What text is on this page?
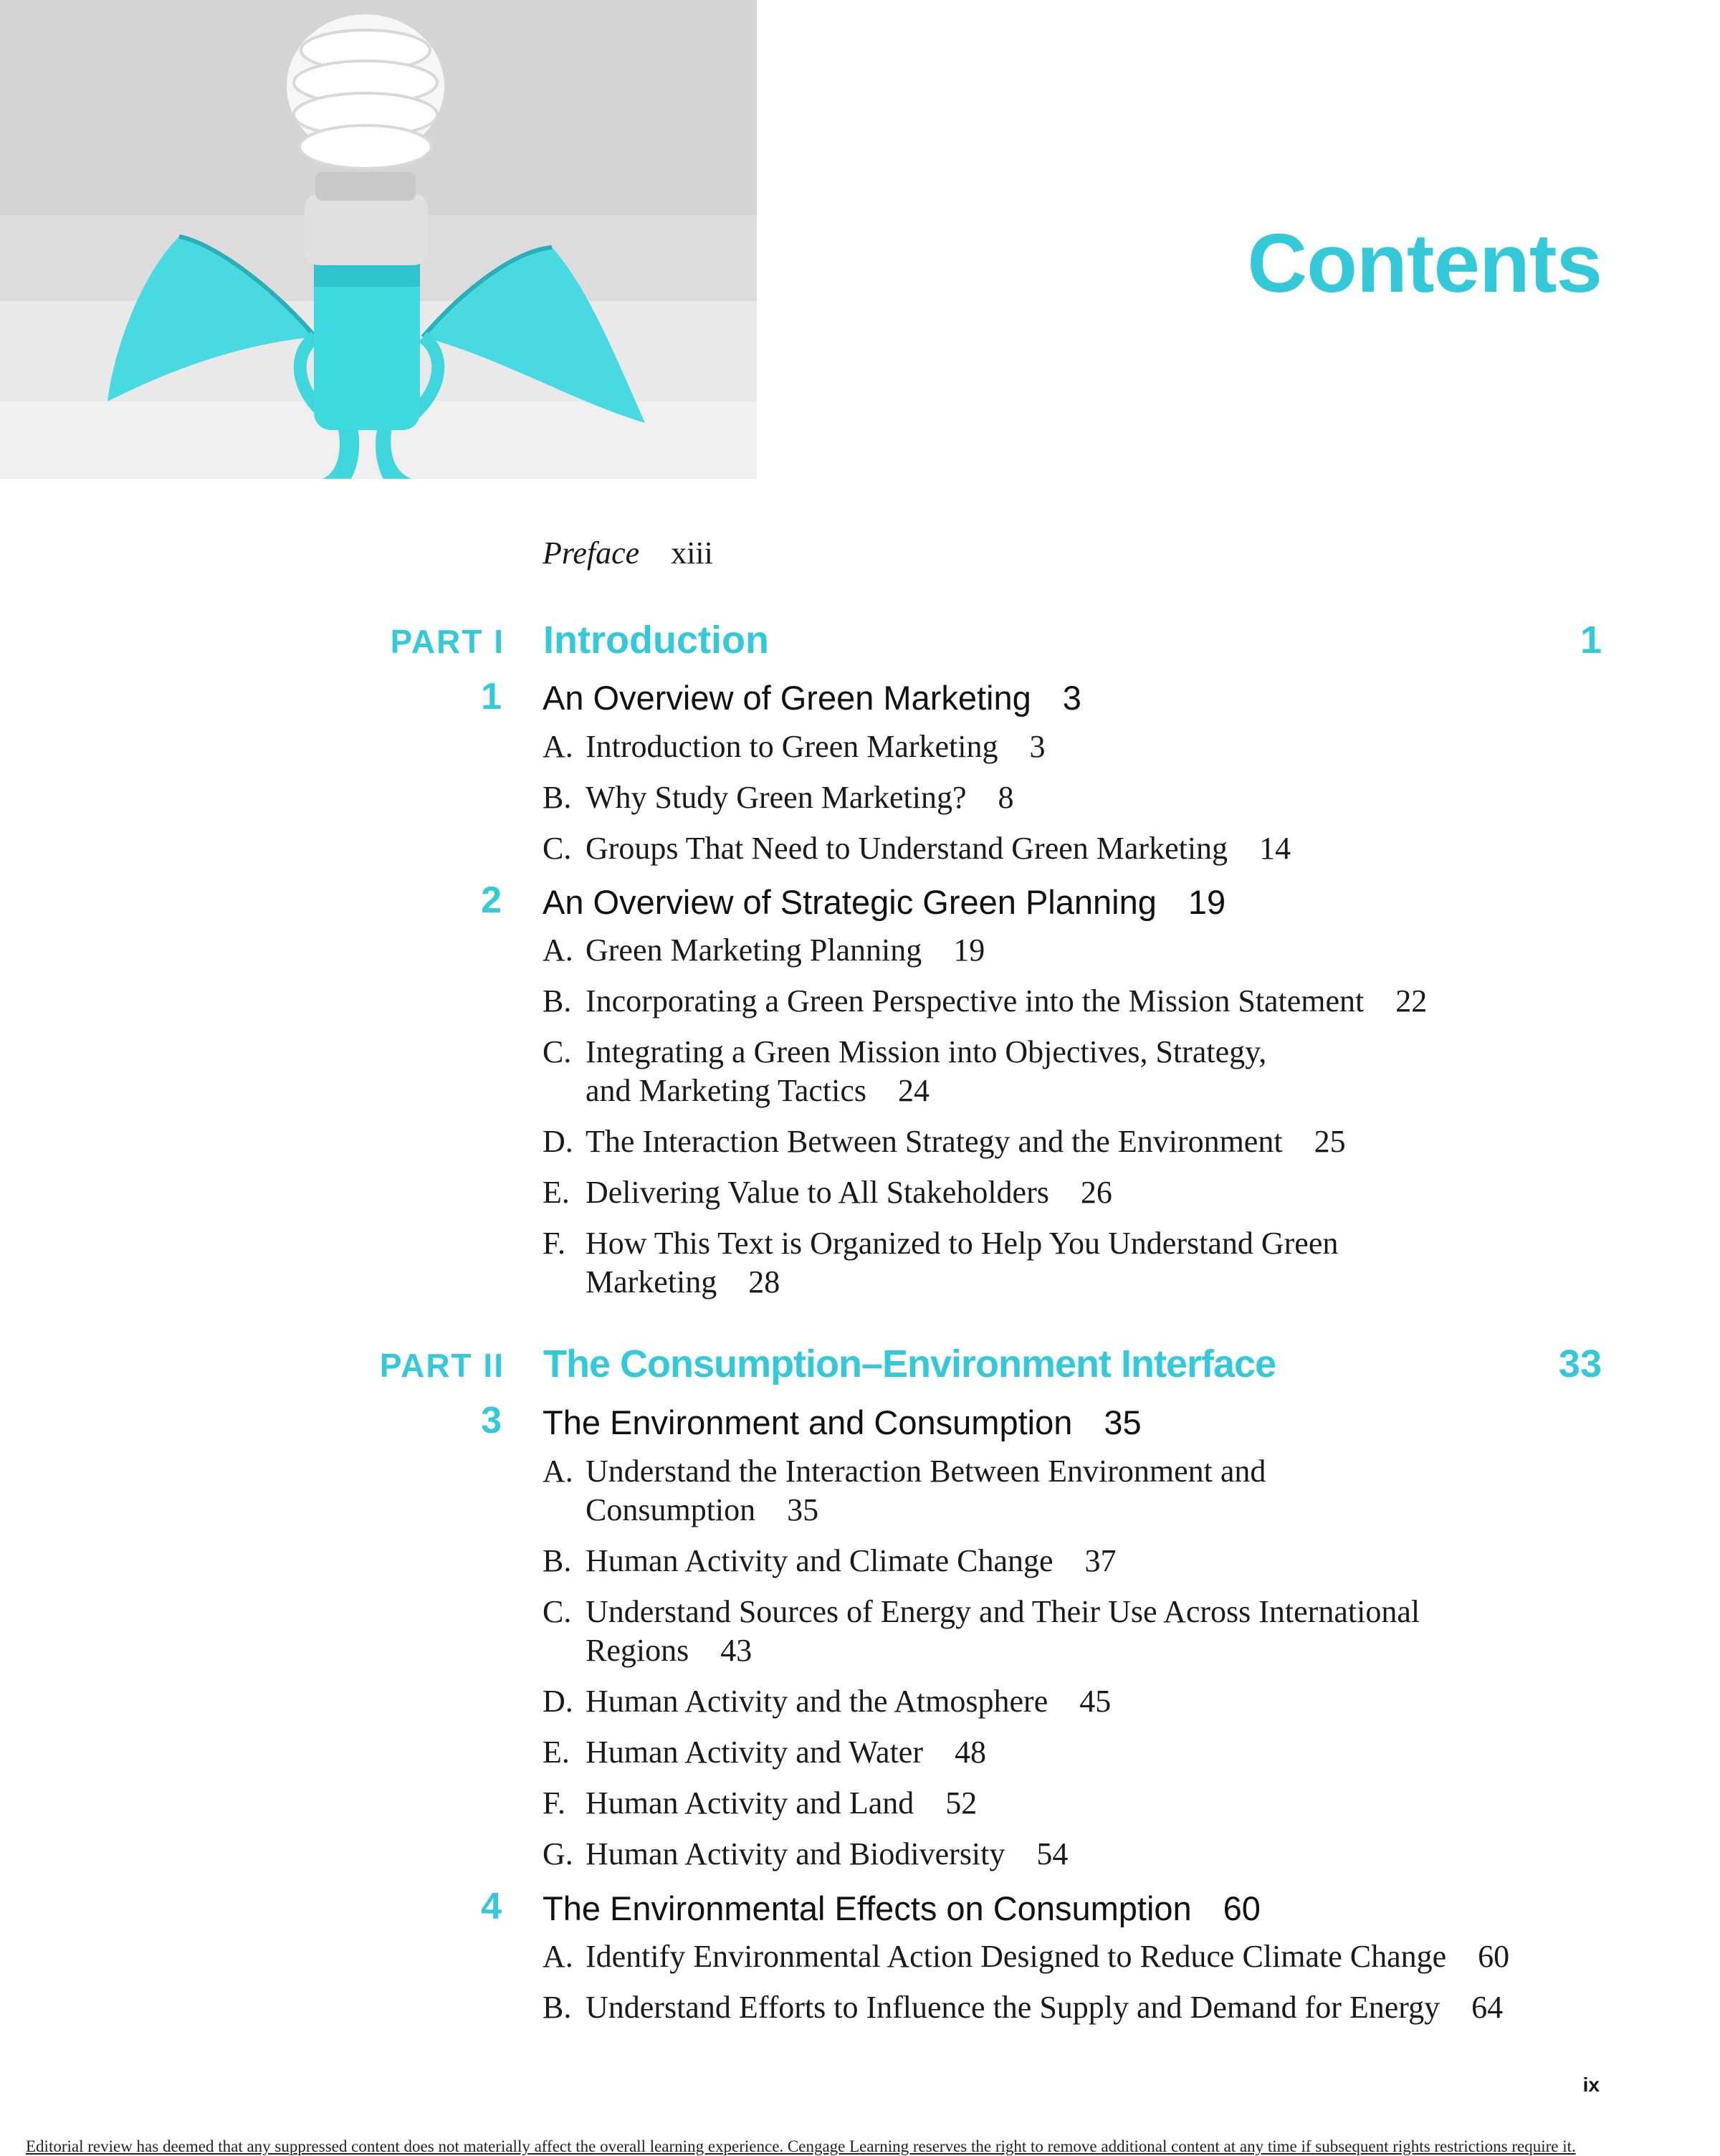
Contents
Preface xiii
PART I Introduction	1
1 An Overview of Green Marketing 3
A. Introduction to Green Marketing 3
B. Why Study Green Marketing? 8
C. Groups That Need to Understand Green Marketing 14
2 An Overview of Strategic Green Planning 19
A. Green Marketing Planning 19
B. Incorporating a Green Perspective into the Mission Statement 22
C. Integrating a Green Mission into Objectives, Strategy,
and Marketing Tactics 24
D. The Interaction Between Strategy and the Environment 25
E. Delivering Value to All Stakeholders 26
F. How This Text is Organized to Help You Understand Green
Marketing 28
PART II The Consumption–Environment Interface	33
3 The Environment and Consumption 35
A. Understand the Interaction Between Environment and
Consumption 35
B. Human Activity and Climate Change 37
C. Understand Sources of Energy and Their Use Across International
Regions 43
D. Human Activity and the Atmosphere 45
E. Human Activity and Water 48
F. Human Activity and Land 52
G. Human Activity and Biodiversity 54
4 The Environmental Effects on Consumption 60
A. Identify Environmental Action Designed to Reduce Climate Change 60
B. Understand Efforts to Influence the Supply and Demand for Energy 64
ix
Editorial review has deemed that any suppressed content does not materially affect the overall learning experience. Cengage Learning reserves the right to remove additional content at any time if subsequent rights restrictions require it.
